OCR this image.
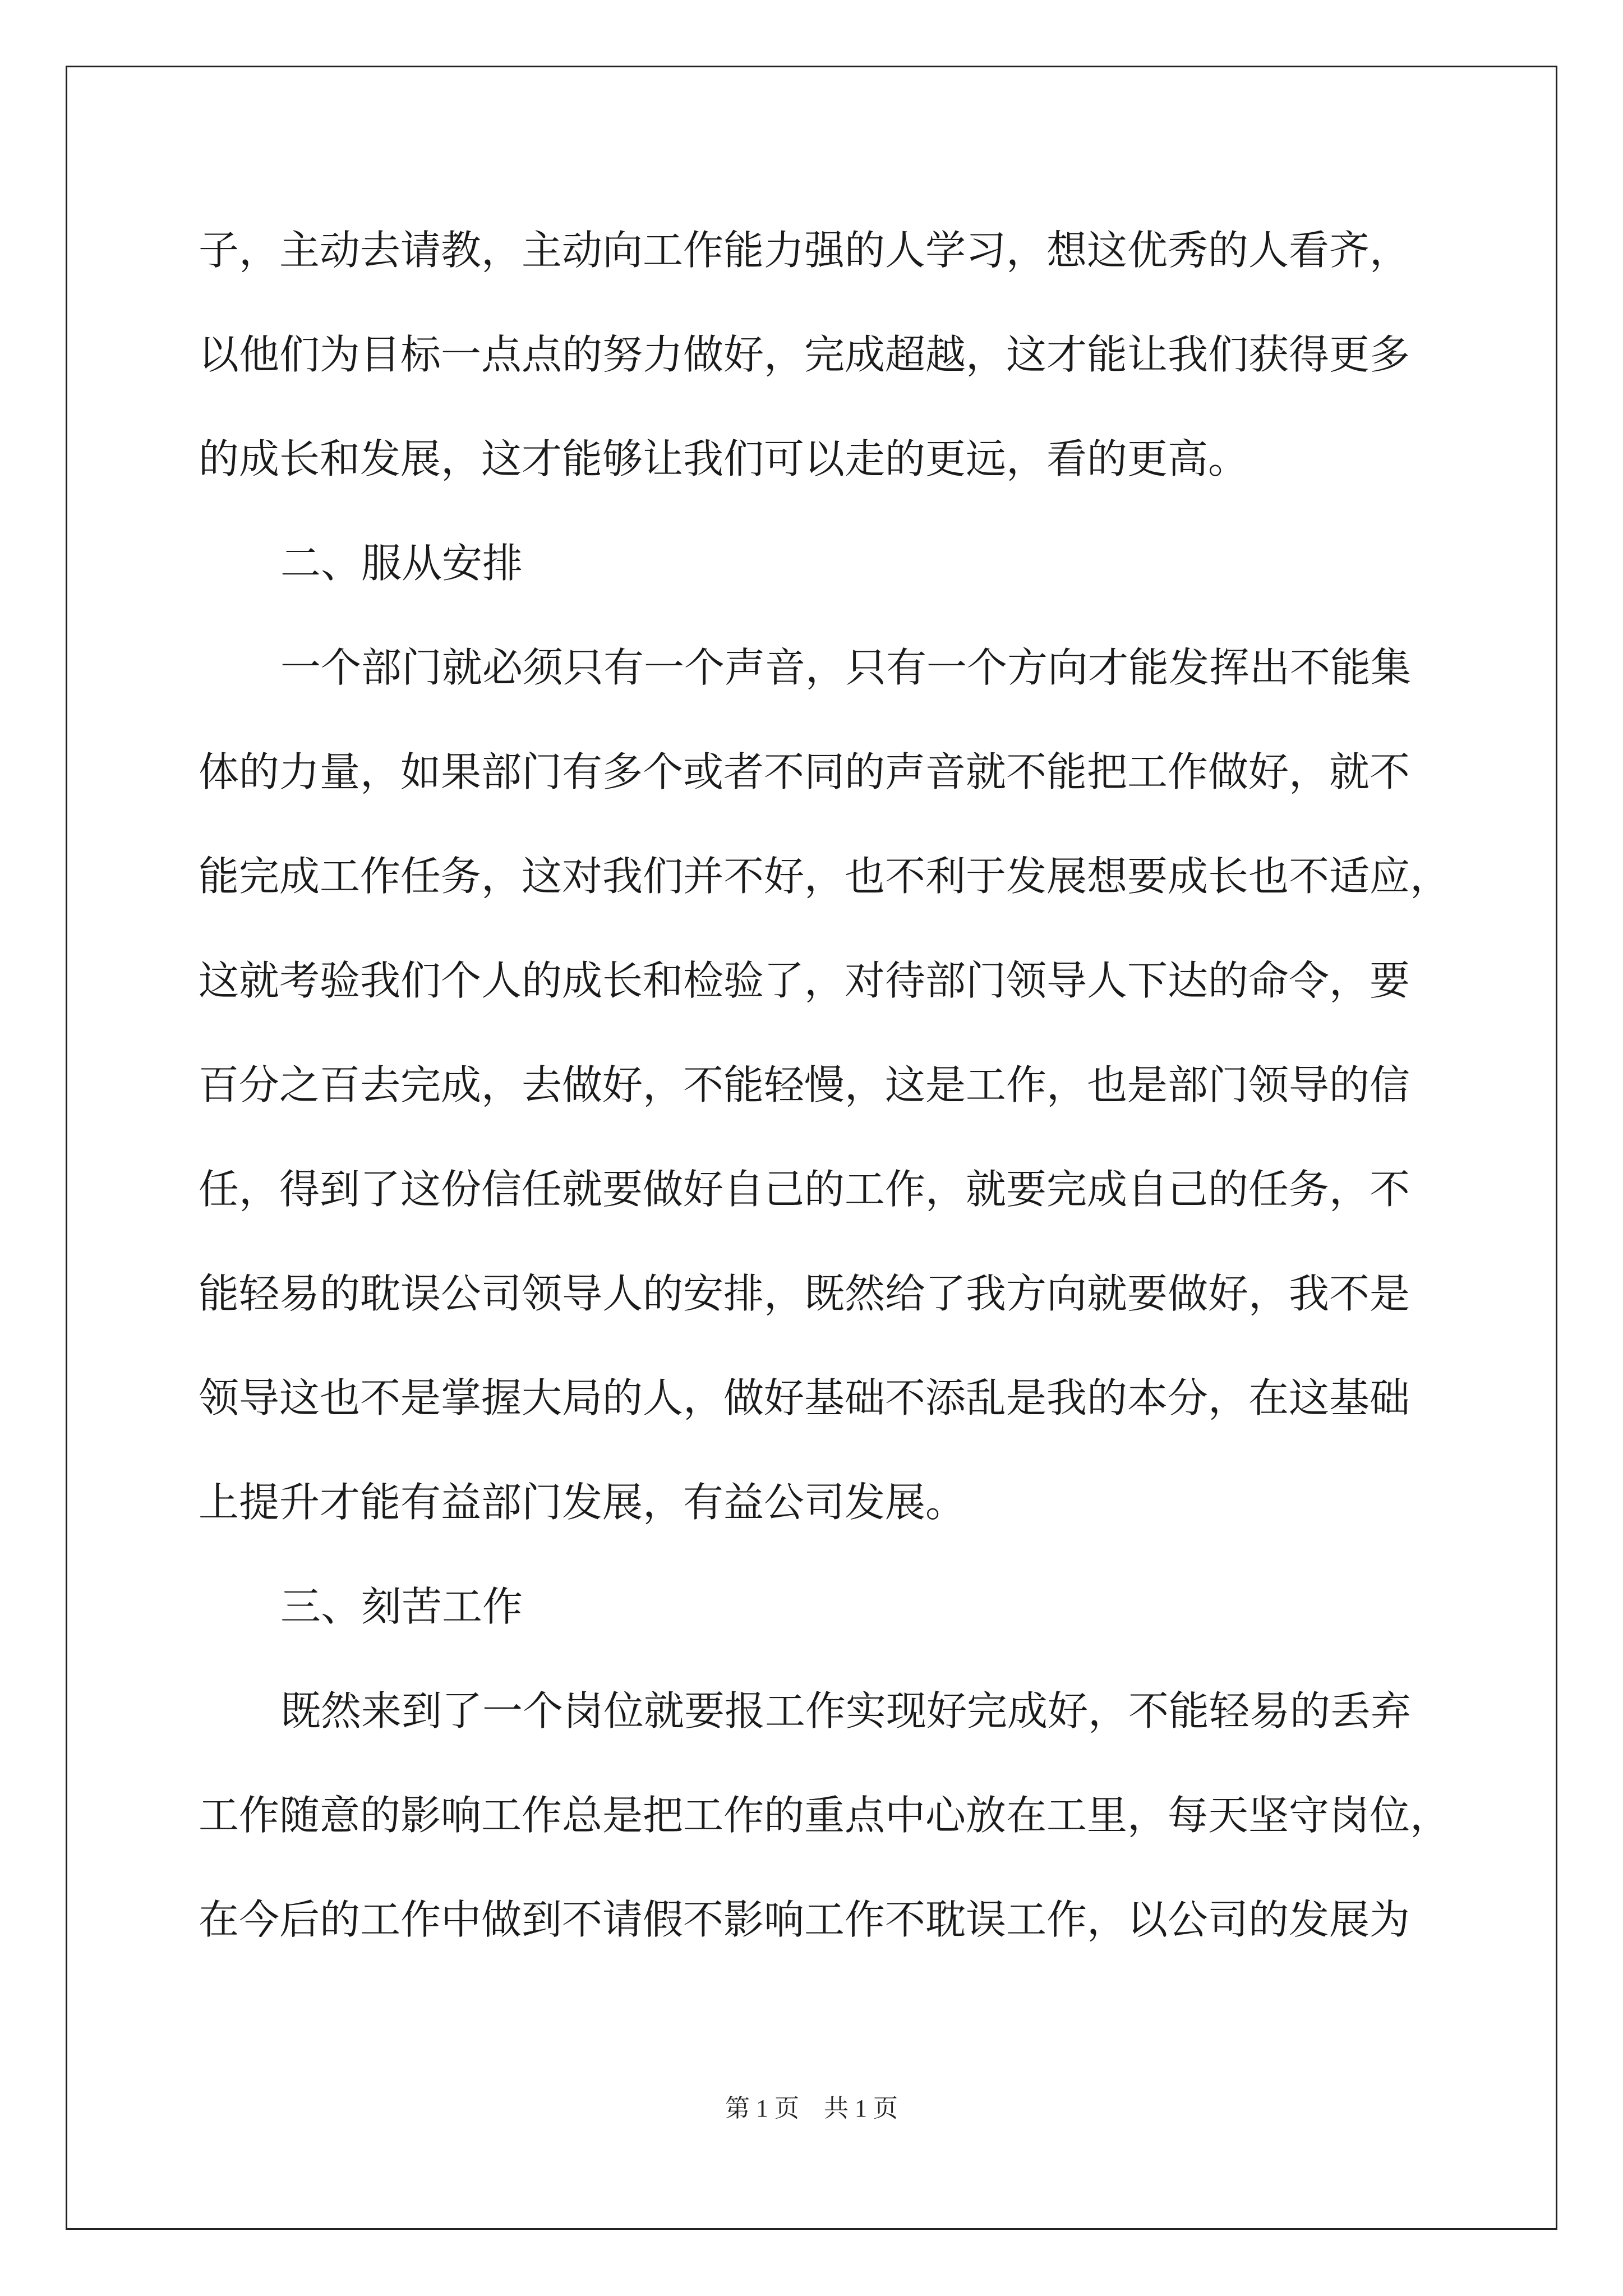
子，主动去请教，主动向工作能力强的人学习，想这优秀的人看齐，
以他们为目标一点点的努力做好，完成超越，这才能让我们获得更多
的成长和发展，这才能够让我们可以走的更远，看的更高。
二、服从安排
一个部门就必须只有一个声音，只有一个方向才能发挥出不能集
体的力量，如果部门有多个或者不同的声音就不能把工作做好，就不
能完成工作任务，这对我们并不好，也不利于发展想要成长也不适应，
这就考验我们个人的成长和检验了，对待部门领导人下达的命令，要
百分之百去完成，去做好，不能轻慢，这是工作，也是部门领导的信
任，得到了这份信任就要做好自己的工作，就要完成自己的任务，不
能轻易的耽误公司领导人的安排，既然给了我方向就要做好，我不是
领导这也不是掌握大局的人，做好基础不添乱是我的本分，在这基础
上提升才能有益部门发展，有益公司发展。
三、刻苦工作
既然来到了一个岗位就要报工作实现好完成好，不能轻易的丢弃
工作随意的影响工作总是把工作的重点中心放在工里，每天坚守岗位，
在今后的工作中做到不请假不影响工作不耽误工作，以公司的发展为
第 1 页　共 1 页
